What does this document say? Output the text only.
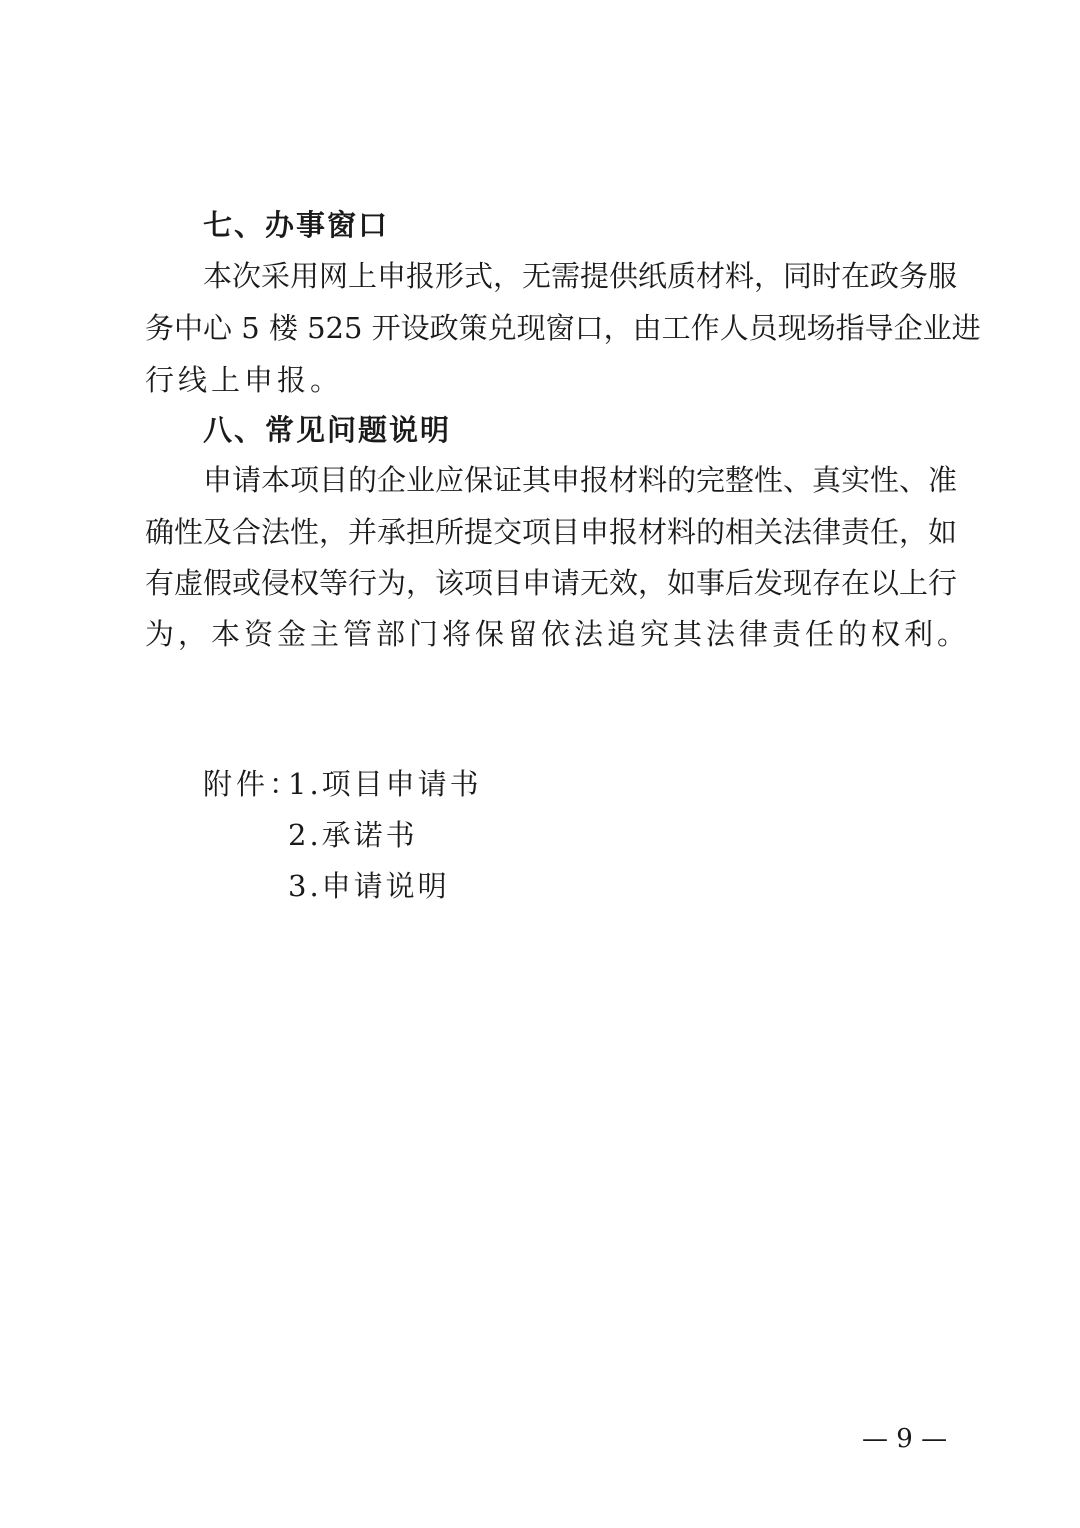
七、办事窗口
本次采用网上申报形式，无需提供纸质材料，同时在政务服
务中心 5 楼 525 开设政策兑现窗口，由工作人员现场指导企业进
行线上申报。
八、常见问题说明
申请本项目的企业应保证其申报材料的完整性、真实性、准
确性及合法性，并承担所提交项目申报材料的相关法律责任，如
有虚假或侵权等行为，该项目申请无效，如事后发现存在以上行
为，本资金主管部门将保留依法追究其法律责任的权利。
附件：
1.项目申请书
2.承诺书
3.申请说明
— 9 —
